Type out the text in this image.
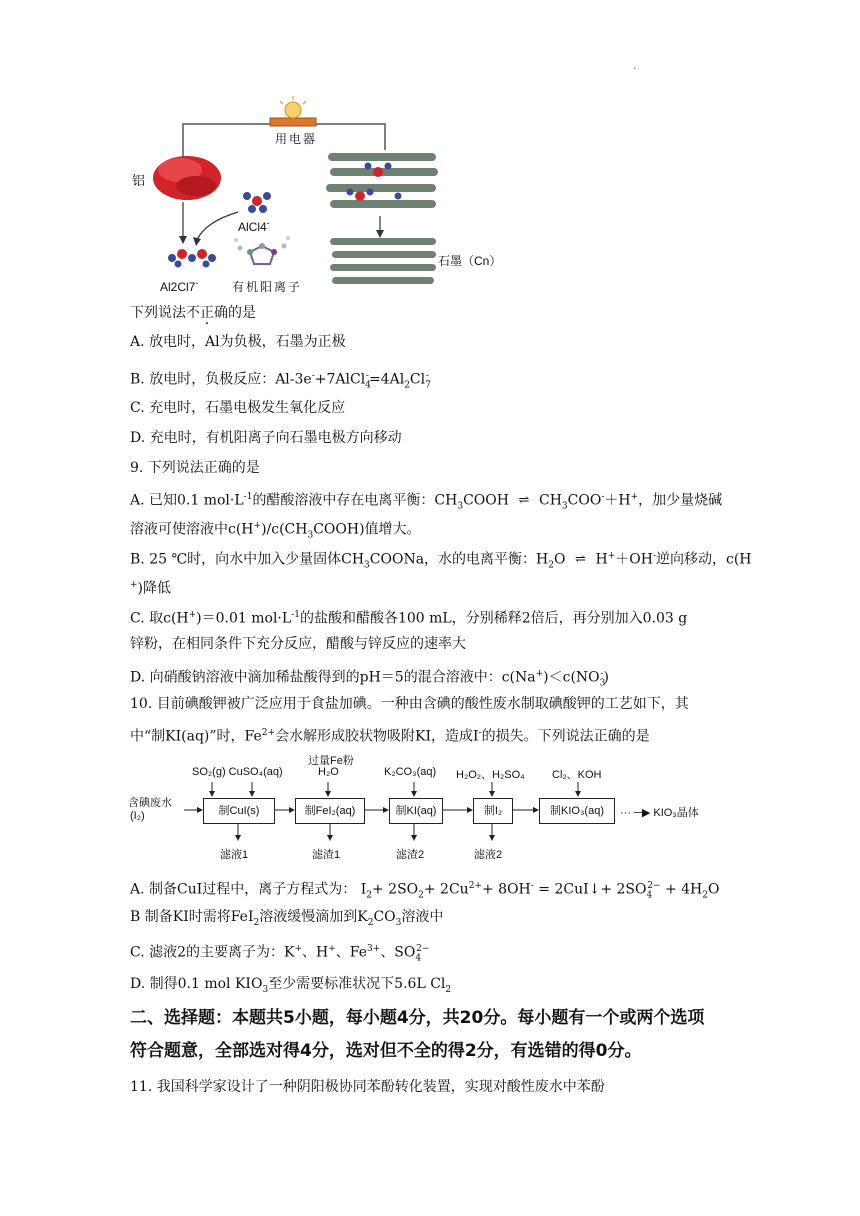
.
用电器
铝
AlCl4-
Al2Cl7-	有机阳离子
石墨（Cn）
下列说法不正确的是
A. 放电时，Al为负极，石墨为正极
B. 放电时，负极反应：$Al-3e^-+7AlCl_4^-=4Al_2Cl_7^-$
C. 充电时，石墨电极发生氧化反应
D. 充电时，有机阳离子向石墨电极方向移动
9. 下列说法正确的是
A. 已知0.1 $mol\cdot L^{-1}$的醋酸溶液中存在电离平衡：$CH_3COOH$ ⇌ $CH_3COO^-+H^+$，加少量烧碱
溶液可使溶液中$c(H^+)/c(CH_3COOH)$值增大。
B. 25 ℃时，向水中加入少量固体$CH_3COONa$，水的电离平衡：$H_2O$ ⇌ H+＋OH-逆向移动，c(H
+)降低
C. 取c(H+)＝0.01 $mol\cdot L^{-1}$的盐酸和醋酸各100 mL，分别稀释2倍后，再分别加入0.03 g
锌粉，在相同条件下充分反应，醋酸与锌反应的速率大
D. 向硝酸钠溶液中滴加稀盐酸得到的pH＝5的混合溶液中：$c(Na^+)<c(NO_3^-)$
10. 目前碘酸钾被广泛应用于食盐加碘。一种由含碘的酸性废水制取碘酸钾的工艺如下，其
中“制KI(aq)”时，$Fe^{2+}$会水解形成胶状物吸附KI，造成I-的损失。下列说法正确的是
含碘废水
(I₂)	制CuI(s)	制FeI₂(aq)	制KI(aq)	制I₂	制KIO₃(aq)	··· ─▶ KIO₃晶体
SO₂(g) CuSO₄(aq)
过量Fe粉
H₂O	K₂CO₃(aq) H₂O₂、H₂SO₄ Cl₂、KOH
滤液1	滤渣1	滤渣2	滤液2
A. 制备CuI过程中，离子方程式为： $I_2+ 2SO_2+ 2Cu^{2+}+ 8OH^-$ = 2CuI↓+ $2SO_4^{2-} + 4H_2O$
B 制备KI时需将FeI$_2$溶液缓慢滴加到$K_2CO_3$溶液中
C. 滤液2的主要离子为：K+、H+、$Fe^{3+}$、$SO_4^{2-}$
D. 制得0.1 mol $KIO_3$至少需要标准状况下5.6L $Cl_2$
二、选择题：本题共5小题，每小题4分，共20分。每小题有一个或两个选项
符合题意，全部选对得4分，选对但不全的得2分，有选错的得0分。
11. 我国科学家设计了一种阴阳极协同苯酚转化装置，实现对酸性废水中苯酚
